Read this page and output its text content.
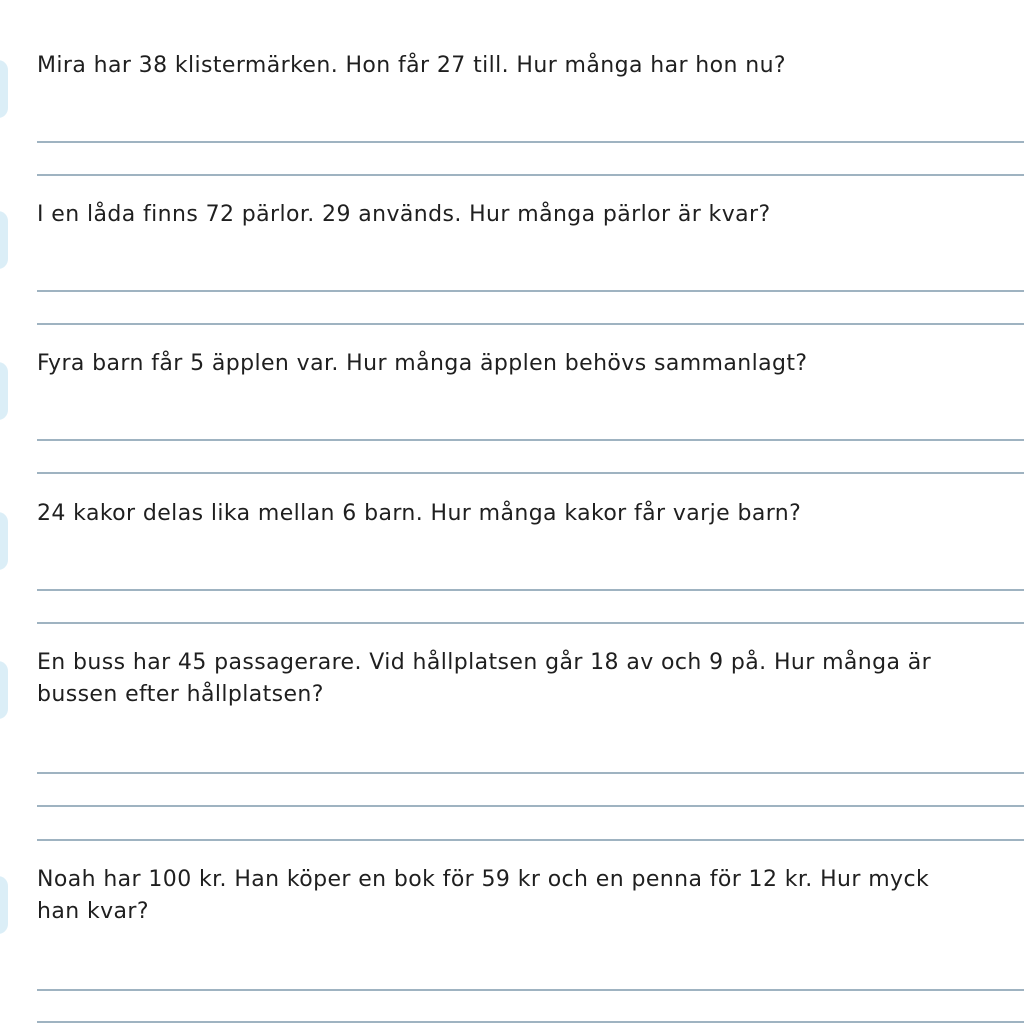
Mira har 38 klistermärken. Hon får 27 till. Hur många har hon nu?

I en låda finns 72 pärlor. 29 används. Hur många pärlor är kvar?

Fyra barn får 5 äpplen var. Hur många äpplen behövs sammanlagt?

24 kakor delas lika mellan 6 barn. Hur många kakor får varje barn?

En buss har 45 passagerare. Vid hållplatsen går 18 av och 9 på. Hur många är
bussen efter hållplatsen?

Noah har 100 kr. Han köper en bok för 59 kr och en penna för 12 kr. Hur myck
han kvar?
